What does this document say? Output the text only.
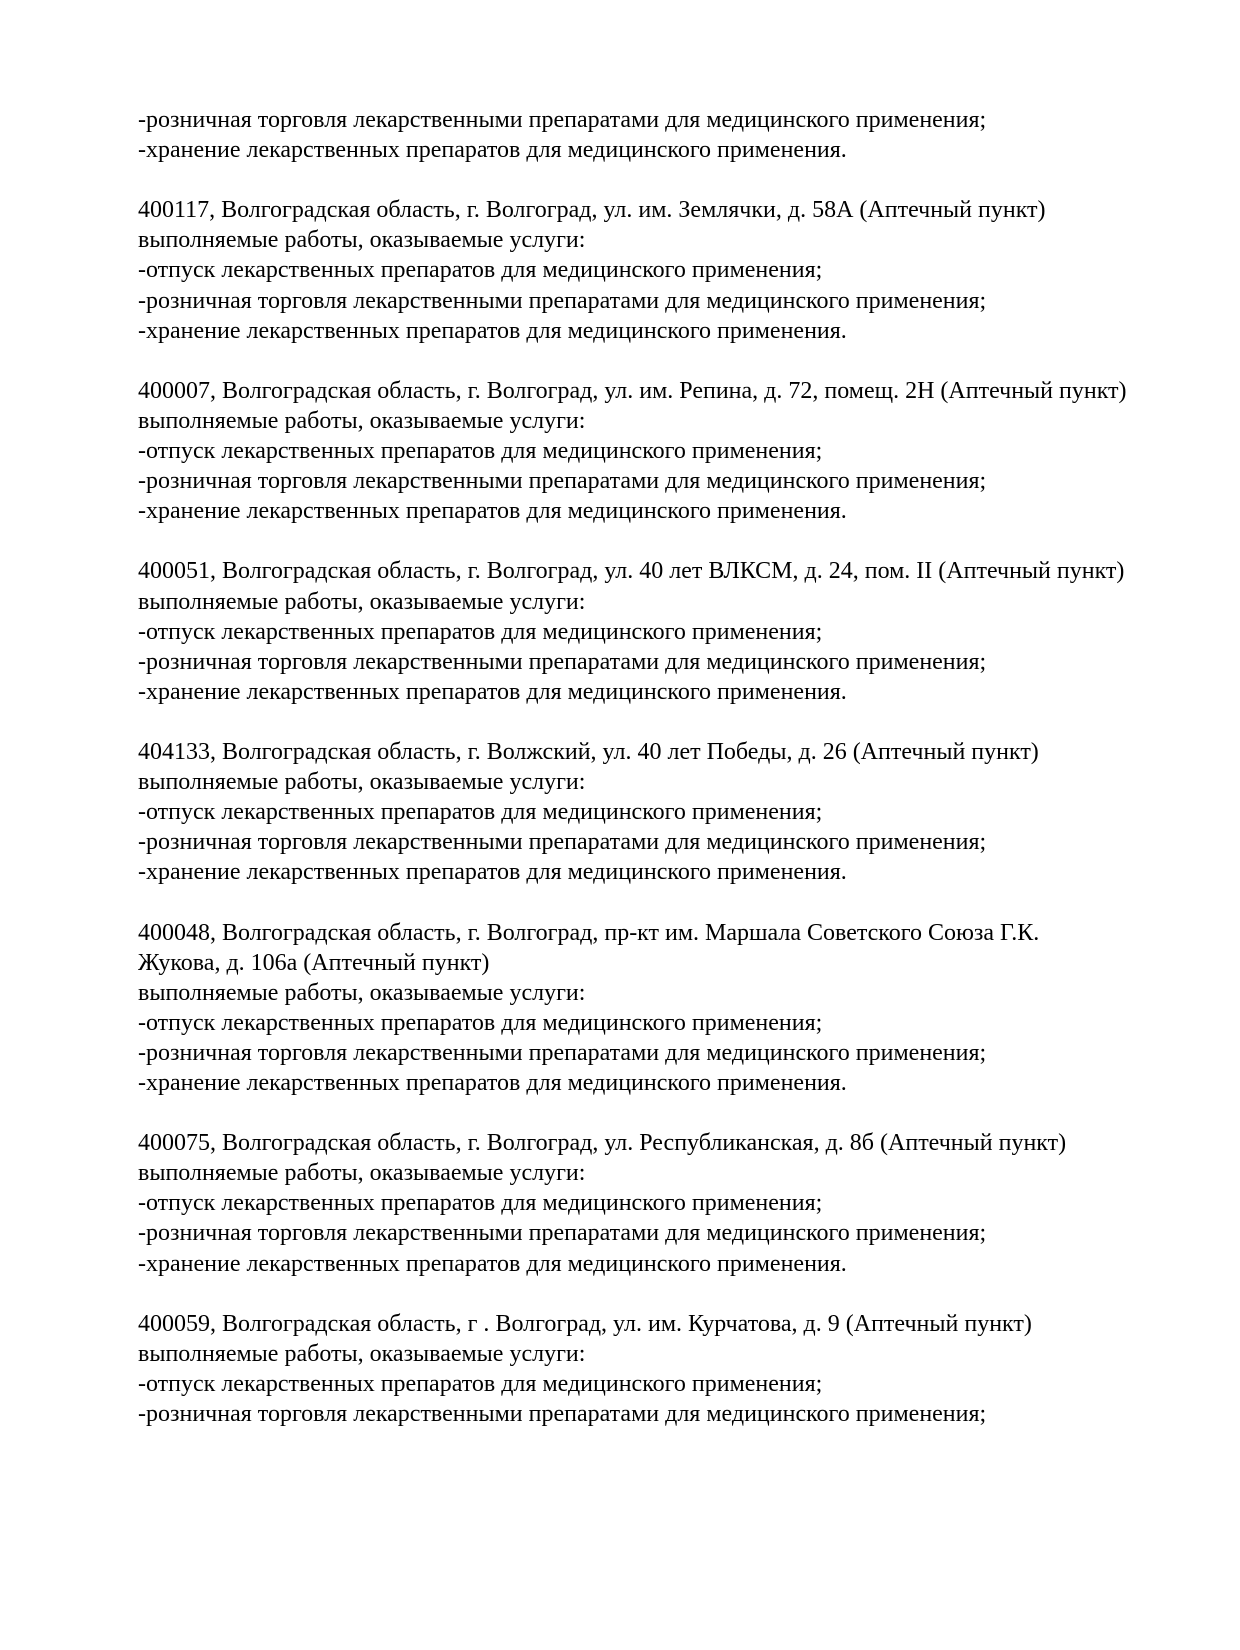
-розничная торговля лекарственными препаратами для медицинского применения;

-хранение лекарственных препаратов для медицинского применения.

400117, Волгоградская область, г. Волгоград, ул. им. Землячки, д. 58А (Аптечный пункт)

выполняемые работы, оказываемые услуги:

-отпуск лекарственных препаратов для медицинского применения;

-розничная торговля лекарственными препаратами для медицинского применения;

-хранение лекарственных препаратов для медицинского применения.

400007, Волгоградская область, г. Волгоград, ул. им. Репина, д. 72, помещ. 2Н (Аптечный пункт)

выполняемые работы, оказываемые услуги:

-отпуск лекарственных препаратов для медицинского применения;

-розничная торговля лекарственными препаратами для медицинского применения;

-хранение лекарственных препаратов для медицинского применения.

400051, Волгоградская область, г. Волгоград, ул. 40 лет ВЛКСМ, д. 24, пом. II (Аптечный пункт)

выполняемые работы, оказываемые услуги:

-отпуск лекарственных препаратов для медицинского применения;

-розничная торговля лекарственными препаратами для медицинского применения;

-хранение лекарственных препаратов для медицинского применения.

404133, Волгоградская область, г. Волжский, ул. 40 лет Победы, д. 26 (Аптечный пункт)

выполняемые работы, оказываемые услуги:

-отпуск лекарственных препаратов для медицинского применения;

-розничная торговля лекарственными препаратами для медицинского применения;

-хранение лекарственных препаратов для медицинского применения.

400048, Волгоградская область, г. Волгоград, пр-кт им. Маршала Советского Союза Г.К.

Жукова, д. 106а (Аптечный пункт)

выполняемые работы, оказываемые услуги:

-отпуск лекарственных препаратов для медицинского применения;

-розничная торговля лекарственными препаратами для медицинского применения;

-хранение лекарственных препаратов для медицинского применения.

400075, Волгоградская область, г. Волгоград, ул. Республиканская, д. 8б (Аптечный пункт)

выполняемые работы, оказываемые услуги:

-отпуск лекарственных препаратов для медицинского применения;

-розничная торговля лекарственными препаратами для медицинского применения;

-хранение лекарственных препаратов для медицинского применения.

400059, Волгоградская область, г . Волгоград, ул. им. Курчатова, д. 9 (Аптечный пункт)

выполняемые работы, оказываемые услуги:

-отпуск лекарственных препаратов для медицинского применения;

-розничная торговля лекарственными препаратами для медицинского применения;
